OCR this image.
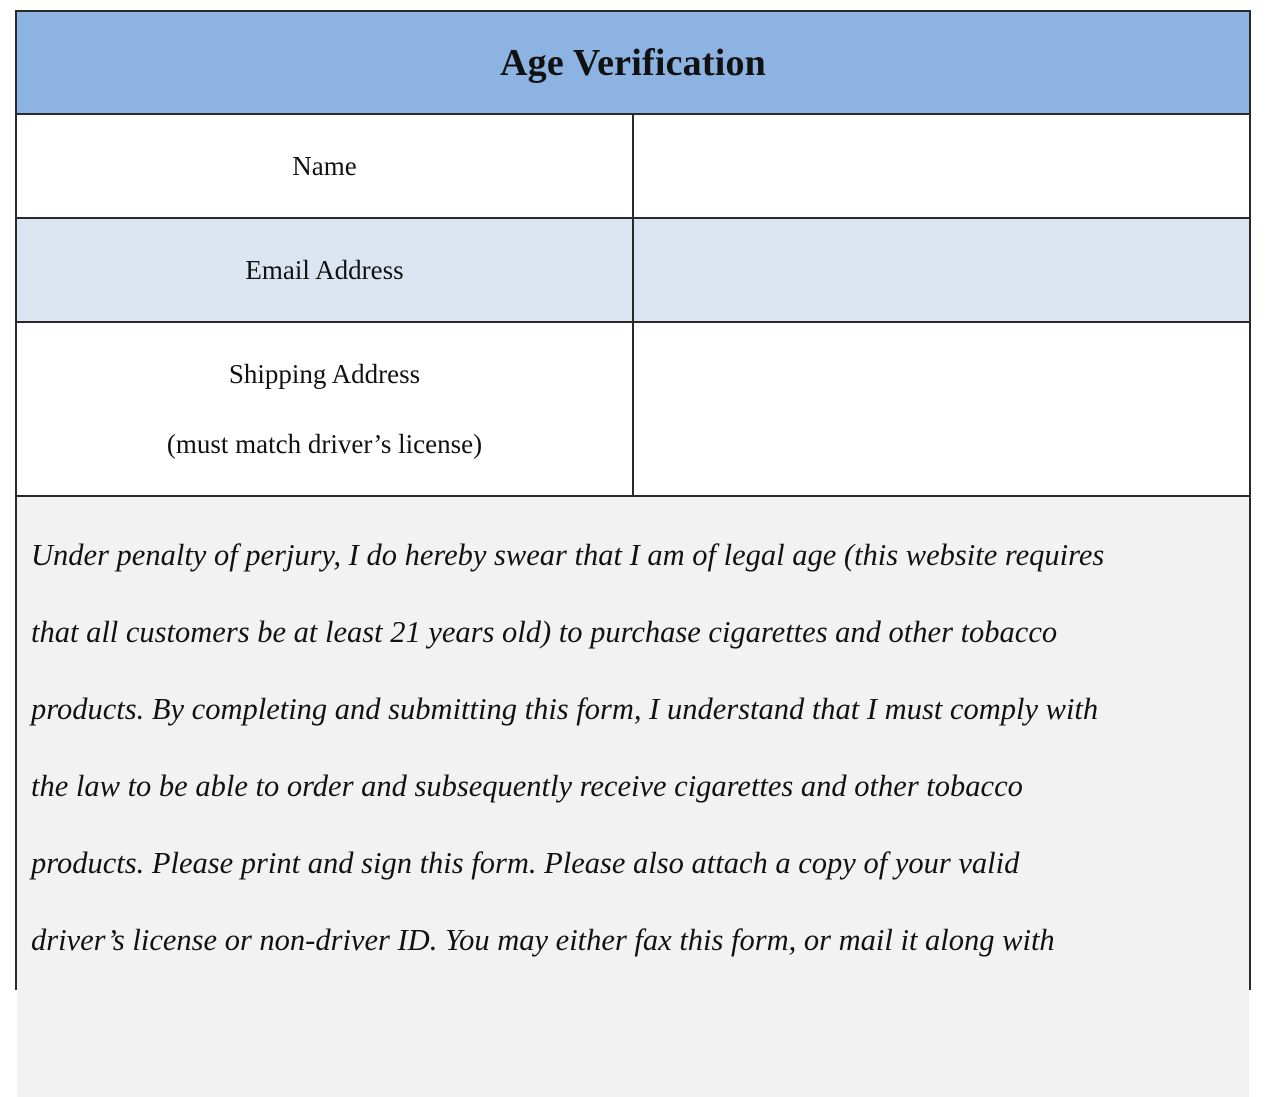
Age Verification
Name
Email Address
Shipping Address
(must match driver’s license)

Under penalty of perjury, I do hereby swear that I am of legal age (this website requires

that all customers be at least 21 years old) to purchase cigarettes and other tobacco

products. By completing and submitting this form, I understand that I must comply with

the law to be able to order and subsequently receive cigarettes and other tobacco

products. Please print and sign this form. Please also attach a copy of your valid

driver’s license or non-driver ID. You may either fax this form, or mail it along with
